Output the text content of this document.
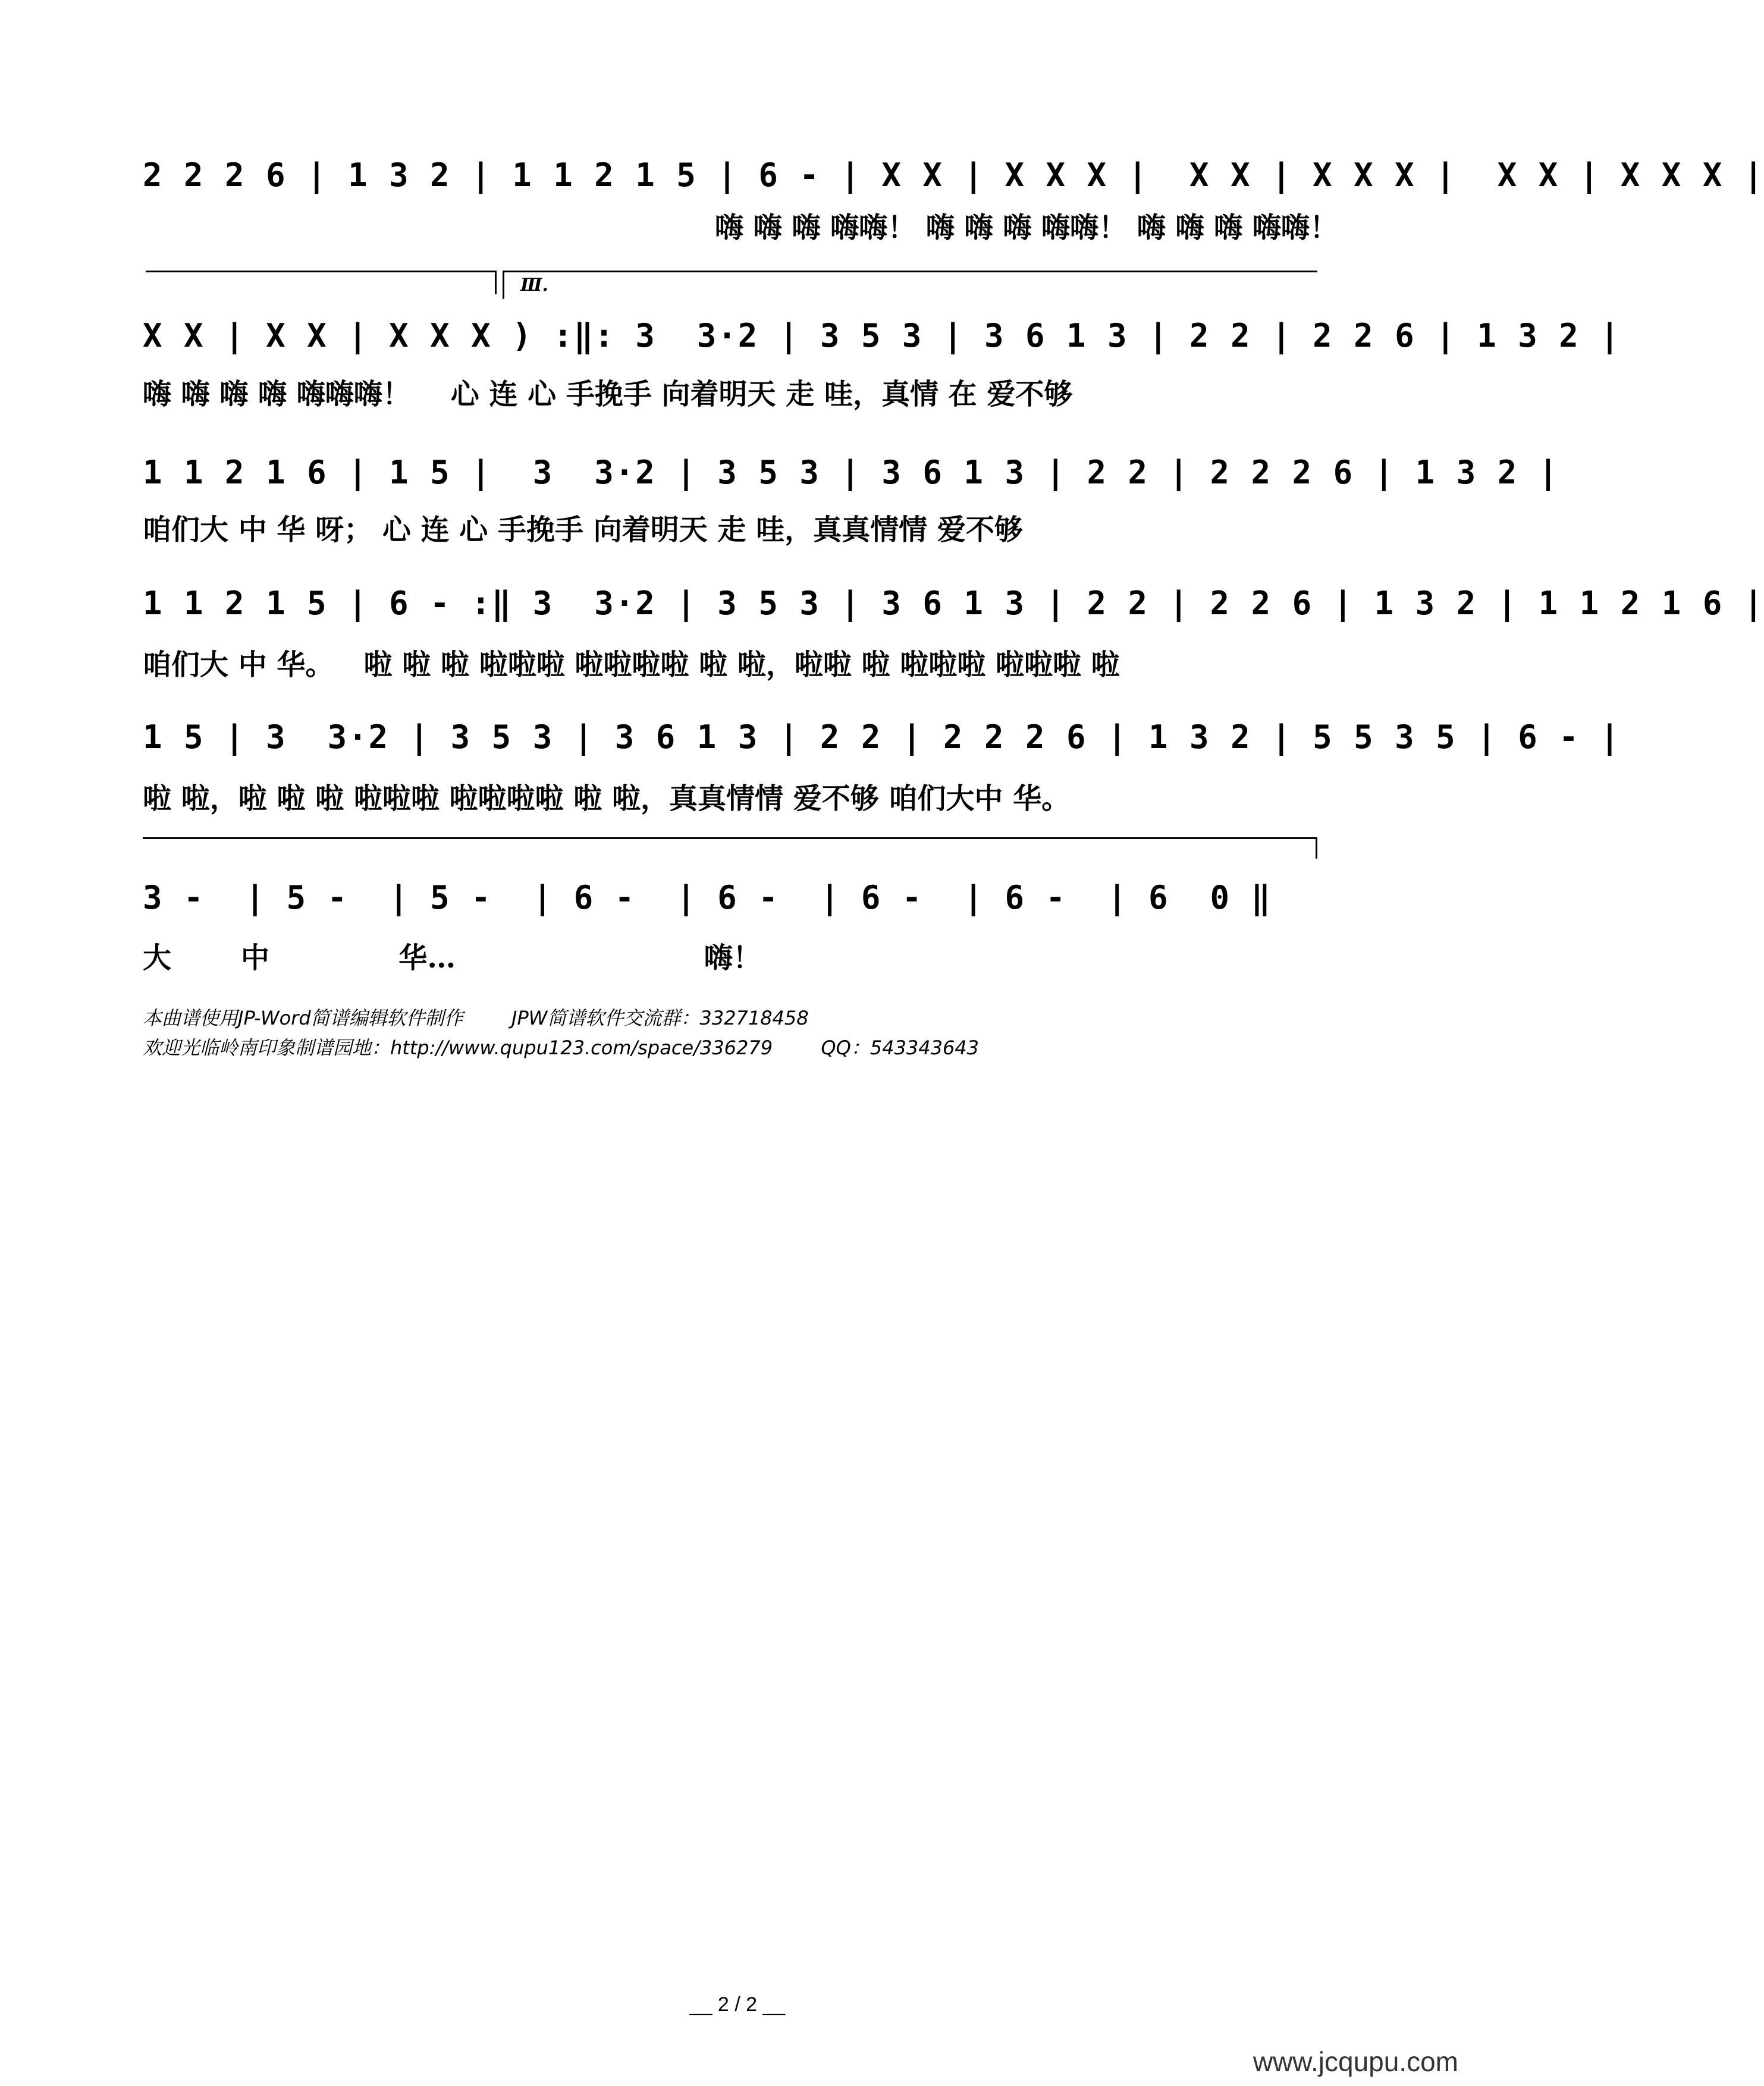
2 2 2 6 | 1 3 2 | 1 1 2 1 5 | 6 - | X X | X X X |  X X | X X X |  X X | X X X |
嗨 嗨 嗨 嗨嗨！ 嗨 嗨 嗨 嗨嗨！ 嗨 嗨 嗨 嗨嗨！
Ⅲ.
X X | X X | X X X ) :‖: 3  3·2 | 3 5 3 | 3 6 1 3 | 2 2 | 2 2 6 | 1 3 2 |
嗨 嗨 嗨 嗨 嗨嗨嗨！    心 连 心 手挽手 向着明天 走 哇，真情 在 爱不够
1 1 2 1 6 | 1 5 |  3  3·2 | 3 5 3 | 3 6 1 3 | 2 2 | 2 2 2 6 | 1 3 2 |
咱们大 中 华 呀； 心 连 心 手挽手 向着明天 走 哇，真真情情 爱不够
1 1 2 1 5 | 6 - :‖ 3  3·2 | 3 5 3 | 3 6 1 3 | 2 2 | 2 2 6 | 1 3 2 | 1 1 2 1 6 |
咱们大 中 华。   啦 啦 啦 啦啦啦 啦啦啦啦 啦 啦，啦啦 啦 啦啦啦 啦啦啦 啦
1 5 | 3  3·2 | 3 5 3 | 3 6 1 3 | 2 2 | 2 2 2 6 | 1 3 2 | 5 5 3 5 | 6 - |
啦 啦，啦 啦 啦 啦啦啦 啦啦啦啦 啦 啦，真真情情 爱不够 咱们大中 华。
3 -  | 5 -  | 5 -  | 6 -  | 6 -  | 6 -  | 6 -  | 6  0 ‖
大       中             华…                         嗨！
本曲谱使用JP-Word简谱编辑软件制作        JPW简谱软件交流群：332718458
欢迎光临岭南印象制谱园地：http://www.qupu123.com/space/336279        QQ：543343643
__ 2 / 2 __
www.jcqupu.com
